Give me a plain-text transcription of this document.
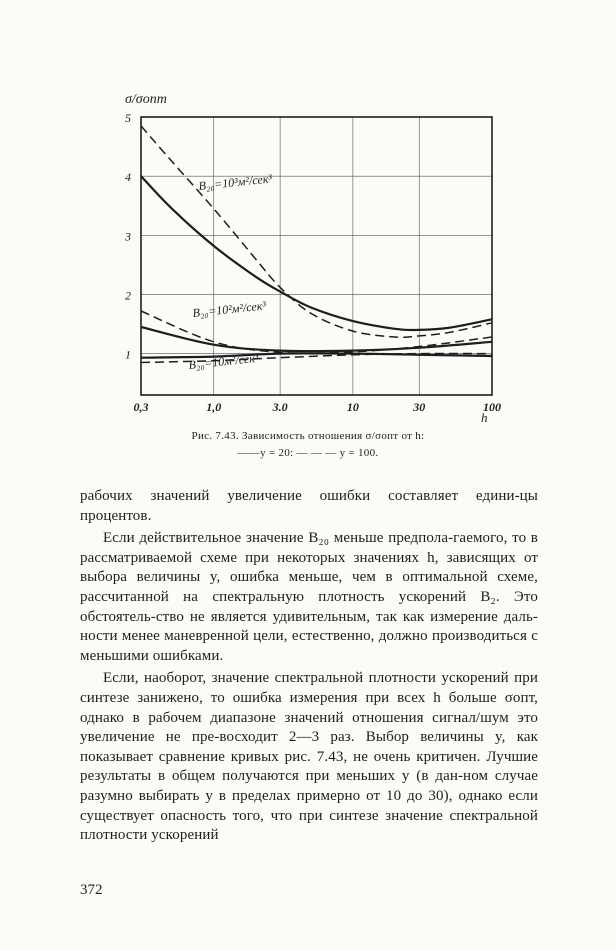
0,3	1,0	3.0	10	30	100
1
2
3
4
5
σ/σопт
h
B₂₀=10³м²/сек³
B₂₀=10²м²/сек³
B₂₀=10м²/сек³
Рис. 7.43. Зависимость отношения σ/σопт от h:
——y = 20: — — — y = 100.

рабочих значений увеличение ошибки составляет едини-цы процентов.

Если действительное значение B₂₀ меньше предпола-гаемого, то в рассматриваемой схеме при некоторых значениях h, зависящих от выбора величины y, ошибка меньше, чем в оптимальной схеме, рассчитанной на спектральную плотность ускорений B₂. Это обстоятель-ство не является удивительным, так как измерение даль-ности менее маневренной цели, естественно, должно производиться с меньшими ошибками.

Если, наоборот, значение спектральной плотности ускорений при синтезе занижено, то ошибка измерения при всех h больше σопт, однако в рабочем диапазоне значений отношения сигнал/шум это увеличение не пре-восходит 2—3 раз. Выбор величины y, как показывает сравнение кривых рис. 7.43, не очень критичен. Лучшие результаты в общем получаются при меньших y (в дан-ном случае разумно выбирать y в пределах примерно от 10 до 30), однако если существует опасность того, что при синтезе значение спектральной плотности ускорений

372
